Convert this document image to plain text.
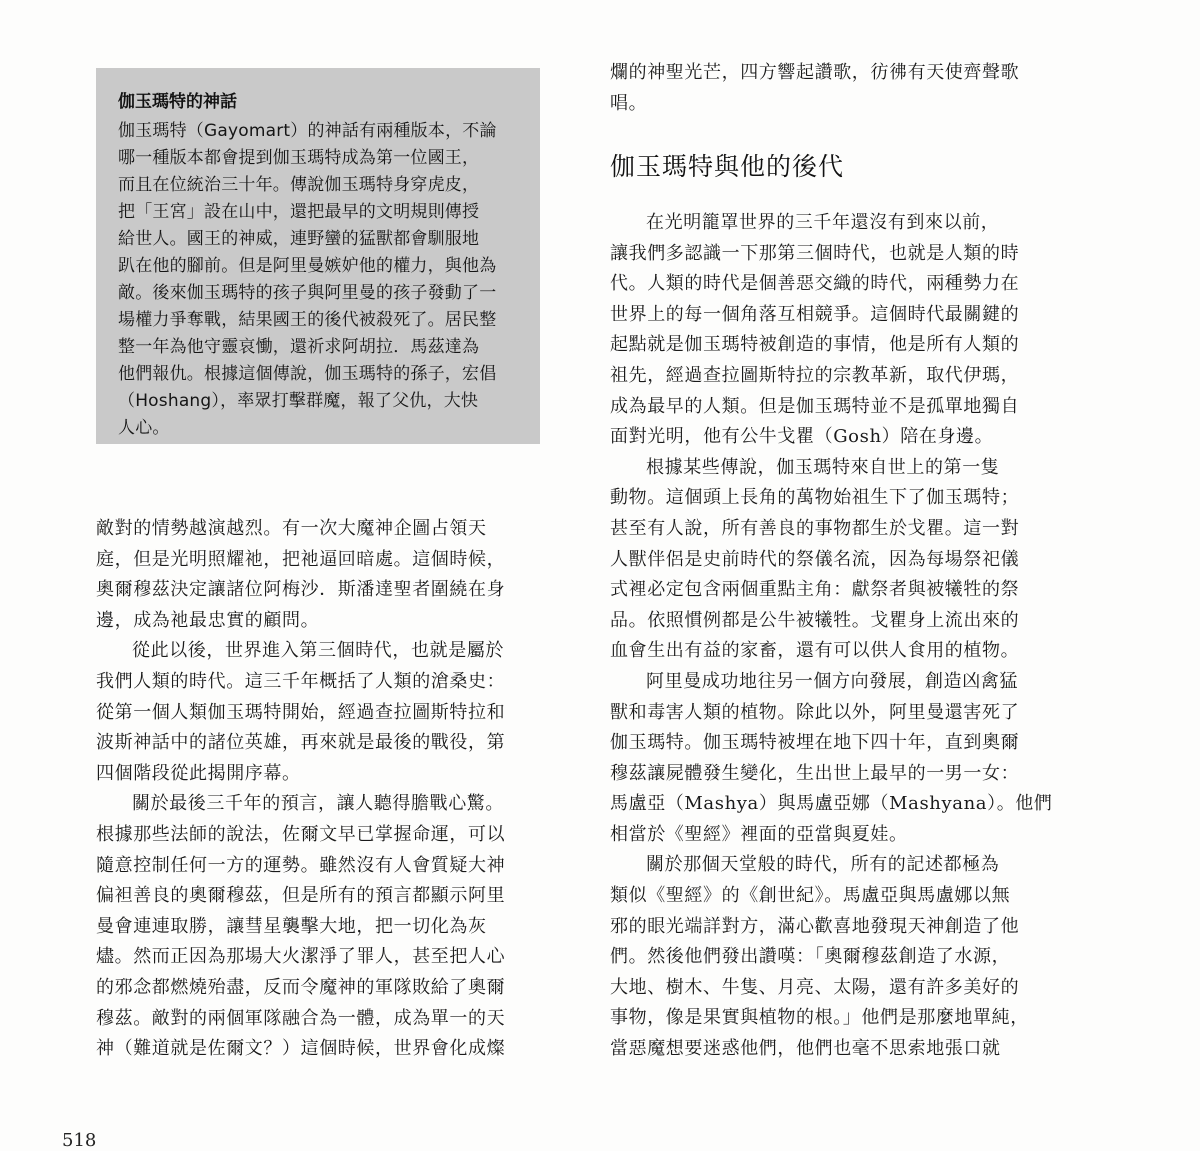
伽玉瑪特的神話
伽玉瑪特（Gayomart）的神話有兩種版本，不論
哪一種版本都會提到伽玉瑪特成為第一位國王，
而且在位統治三十年。傳說伽玉瑪特身穿虎皮，
把「王宮」設在山中，還把最早的文明規則傳授
給世人。國王的神威，連野蠻的猛獸都會馴服地
趴在他的腳前。但是阿里曼嫉妒他的權力，與他為
敵。後來伽玉瑪特的孩子與阿里曼的孩子發動了一
場權力爭奪戰，結果國王的後代被殺死了。居民整
整一年為他守靈哀慟，還祈求阿胡拉．馬茲達為
他們報仇。根據這個傳說，伽玉瑪特的孫子，宏倡
（Hoshang），率眾打擊群魔，報了父仇，大快
人心。
敵對的情勢越演越烈。有一次大魔神企圖占領天
庭，但是光明照耀祂，把祂逼回暗處。這個時候，
奧爾穆茲決定讓諸位阿梅沙．斯潘達聖者圍繞在身
邊，成為祂最忠實的顧問。
從此以後，世界進入第三個時代，也就是屬於
我們人類的時代。這三千年概括了人類的滄桑史：
從第一個人類伽玉瑪特開始，經過查拉圖斯特拉和
波斯神話中的諸位英雄，再來就是最後的戰役，第
四個階段從此揭開序幕。
關於最後三千年的預言，讓人聽得膽戰心驚。
根據那些法師的說法，佐爾文早已掌握命運，可以
隨意控制任何一方的運勢。雖然沒有人會質疑大神
偏袒善良的奧爾穆茲，但是所有的預言都顯示阿里
曼會連連取勝，讓彗星襲擊大地，把一切化為灰
燼。然而正因為那場大火潔淨了罪人，甚至把人心
的邪念都燃燒殆盡，反而令魔神的軍隊敗給了奧爾
穆茲。敵對的兩個軍隊融合為一體，成為單一的天
神（難道就是佐爾文？）這個時候，世界會化成燦
爛的神聖光芒，四方響起讚歌，彷彿有天使齊聲歌
唱。
伽玉瑪特與他的後代
在光明籠罩世界的三千年還沒有到來以前，
讓我們多認識一下那第三個時代，也就是人類的時
代。人類的時代是個善惡交織的時代，兩種勢力在
世界上的每一個角落互相競爭。這個時代最關鍵的
起點就是伽玉瑪特被創造的事情，他是所有人類的
祖先，經過查拉圖斯特拉的宗教革新，取代伊瑪，
成為最早的人類。但是伽玉瑪特並不是孤單地獨自
面對光明，他有公牛戈瞿（Gosh）陪在身邊。
根據某些傳說，伽玉瑪特來自世上的第一隻
動物。這個頭上長角的萬物始祖生下了伽玉瑪特；
甚至有人說，所有善良的事物都生於戈瞿。這一對
人獸伴侶是史前時代的祭儀名流，因為每場祭祀儀
式裡必定包含兩個重點主角：獻祭者與被犧牲的祭
品。依照慣例都是公牛被犧牲。戈瞿身上流出來的
血會生出有益的家畜，還有可以供人食用的植物。
阿里曼成功地往另一個方向發展，創造凶禽猛
獸和毒害人類的植物。除此以外，阿里曼還害死了
伽玉瑪特。伽玉瑪特被埋在地下四十年，直到奧爾
穆茲讓屍體發生變化，生出世上最早的一男一女：
馬盧亞（Mashya）與馬盧亞娜（Mashyana）。他們
相當於《聖經》裡面的亞當與夏娃。
關於那個天堂般的時代，所有的記述都極為
類似《聖經》的《創世紀》。馬盧亞與馬盧娜以無
邪的眼光端詳對方，滿心歡喜地發現天神創造了他
們。然後他們發出讚嘆：「奧爾穆茲創造了水源，
大地、樹木、牛隻、月亮、太陽，還有許多美好的
事物，像是果實與植物的根。」他們是那麼地單純，
當惡魔想要迷惑他們，他們也毫不思索地張口就
518
